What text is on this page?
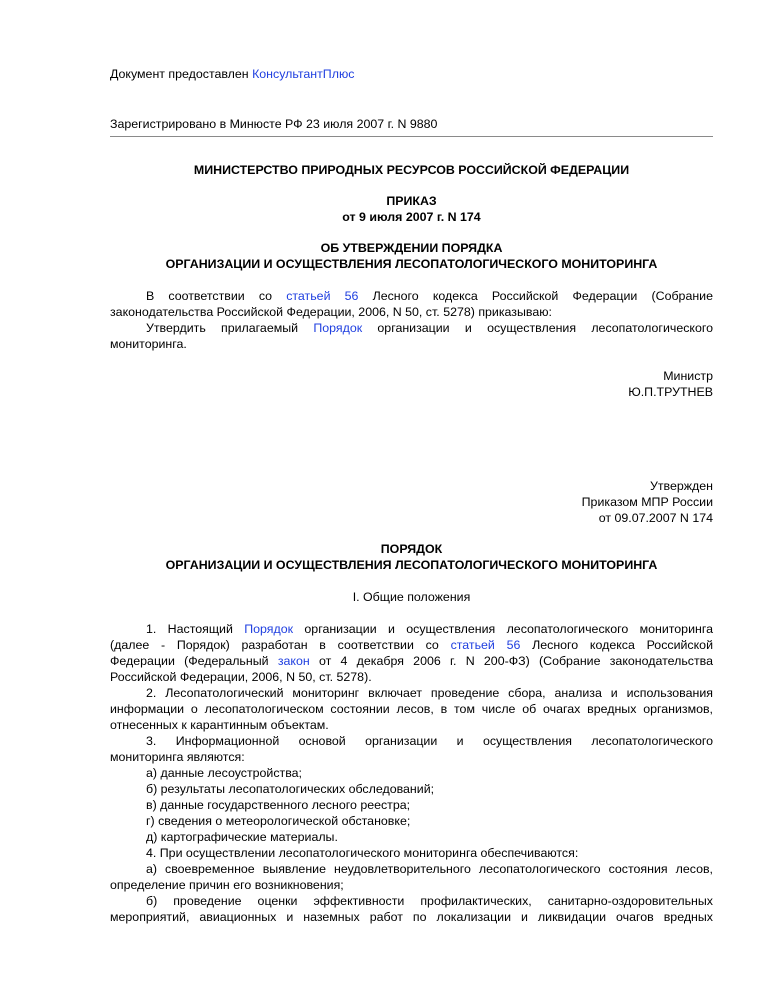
Документ предоставлен КонсультантПлюс
Зарегистрировано в Минюсте РФ 23 июля 2007 г. N 9880
МИНИСТЕРСТВО ПРИРОДНЫХ РЕСУРСОВ РОССИЙСКОЙ ФЕДЕРАЦИИ
ПРИКАЗ
от 9 июля 2007 г. N 174
ОБ УТВЕРЖДЕНИИ ПОРЯДКА
ОРГАНИЗАЦИИ И ОСУЩЕСТВЛЕНИЯ ЛЕСОПАТОЛОГИЧЕСКОГО МОНИТОРИНГА
В соответствии со статьей 56 Лесного кодекса Российской Федерации (Собрание
законодательства Российской Федерации, 2006, N 50, ст. 5278) приказываю:
Утвердить прилагаемый Порядок организации и осуществления лесопатологического
мониторинга.
Министр
Ю.П.ТРУТНЕВ
Утвержден
Приказом МПР России
от 09.07.2007 N 174
ПОРЯДОК
ОРГАНИЗАЦИИ И ОСУЩЕСТВЛЕНИЯ ЛЕСОПАТОЛОГИЧЕСКОГО МОНИТОРИНГА
I. Общие положения
1. Настоящий Порядок организации и осуществления лесопатологического мониторинга
(далее - Порядок) разработан в соответствии со статьей 56 Лесного кодекса Российской
Федерации (Федеральный закон от 4 декабря 2006 г. N 200-ФЗ) (Собрание законодательства
Российской Федерации, 2006, N 50, ст. 5278).
2. Лесопатологический мониторинг включает проведение сбора, анализа и использования
информации о лесопатологическом состоянии лесов, в том числе об очагах вредных организмов,
отнесенных к карантинным объектам.
3. Информационной основой организации и осуществления лесопатологического
мониторинга являются:
а) данные лесоустройства;
б) результаты лесопатологических обследований;
в) данные государственного лесного реестра;
г) сведения о метеорологической обстановке;
д) картографические материалы.
4. При осуществлении лесопатологического мониторинга обеспечиваются:
а) своевременное выявление неудовлетворительного лесопатологического состояния лесов,
определение причин его возникновения;
б) проведение оценки эффективности профилактических, санитарно-оздоровительных
мероприятий, авиационных и наземных работ по локализации и ликвидации очагов вредных
